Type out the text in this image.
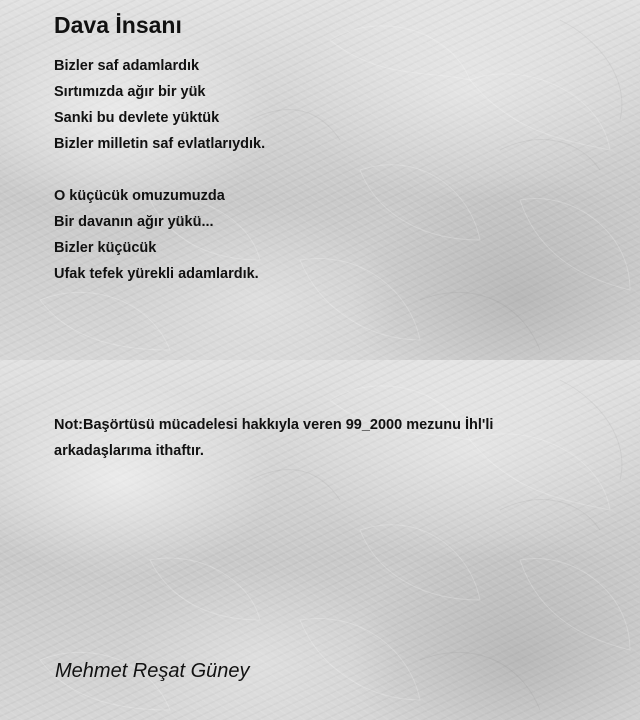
Dava İnsanı

Bizler saf adamlardık
Sırtımızda ağır bir yük
Sanki bu devlete yüktük
Bizler milletin saf evlatlarıydık.

O küçücük omuzumuzda
Bir davanın ağır yükü...
Bizler küçücük
Ufak tefek yürekli adamlardık.

Not:Başörtüsü mücadelesi hakkıyla veren 99_2000 mezunu İhl'li arkadaşlarıma ithaftır.

Mehmet Reşat Güney
